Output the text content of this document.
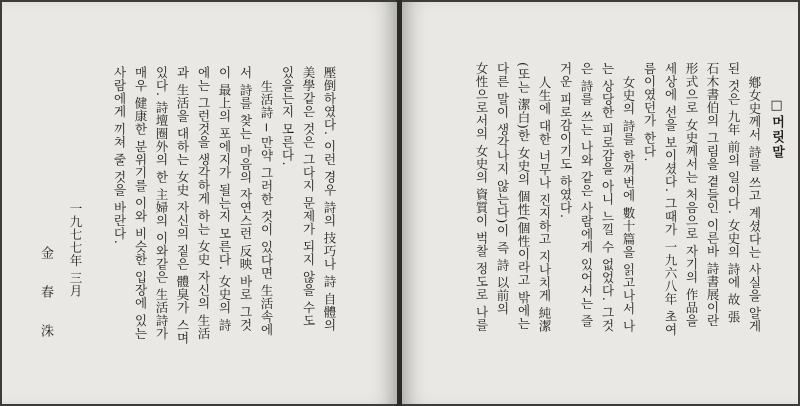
□머릿말
鄕女史께서 詩를 쓰고 계셨다는 사실을 알게
된 것은 九年 前의 일이다. 女史의 詩에 故 張
石木書伯의 그림을 곁들인 이른바 詩書展이란
形式으로 女史께서는 처음으로 자기의 作品을
세상에 선을 보이셨다. 그때가 一九六八年 초여
름이였던가 한다.
女史의 詩를 한꺼번에 數十篇을 읽고나서 나
는 상당한 피로감을 아니 느낄 수 없었다. 그것
은 詩를 쓰는 나와 같은 사람에게 있어서는 즐
거운 피로감이기도 하였다.
人生에 대한 너무나 진지하고 지나치게 純潔
(또는 潔白)한 女史의 個性(個性이라고 밖에는
다른 말이 생각나지 않는다)이 즉 詩 以前의
女性으로서의 女史의 資質이 벅찰 정도로 나를
壓倒하였다. 이런 경우 詩의 技巧나 詩 自體의
美學같은 것은 그다지 문제가 되지 않을 수도
있을는지 모른다.
生活詩 ─ 만약 그러한 것이 있다면 生活속에
서 詩를 찾는 마음의 자연스런 反映 바로 그것
이 最上의 포에지가 될는지 모른다. 女史의 詩
에는 그런것을 생각하게 하는 女史 자신의 生活
과 生活을 대하는 女史 자신의 짙은 體臭가 스며
있다. 詩壇圈外의 한 主婦의 이와같은 生活詩가
매우 健康한 분위기를 이와 비슷한 입장에 있는
사람에게 끼쳐 줄 것을 바란다.
一九七七年 三月
金 春 洙
